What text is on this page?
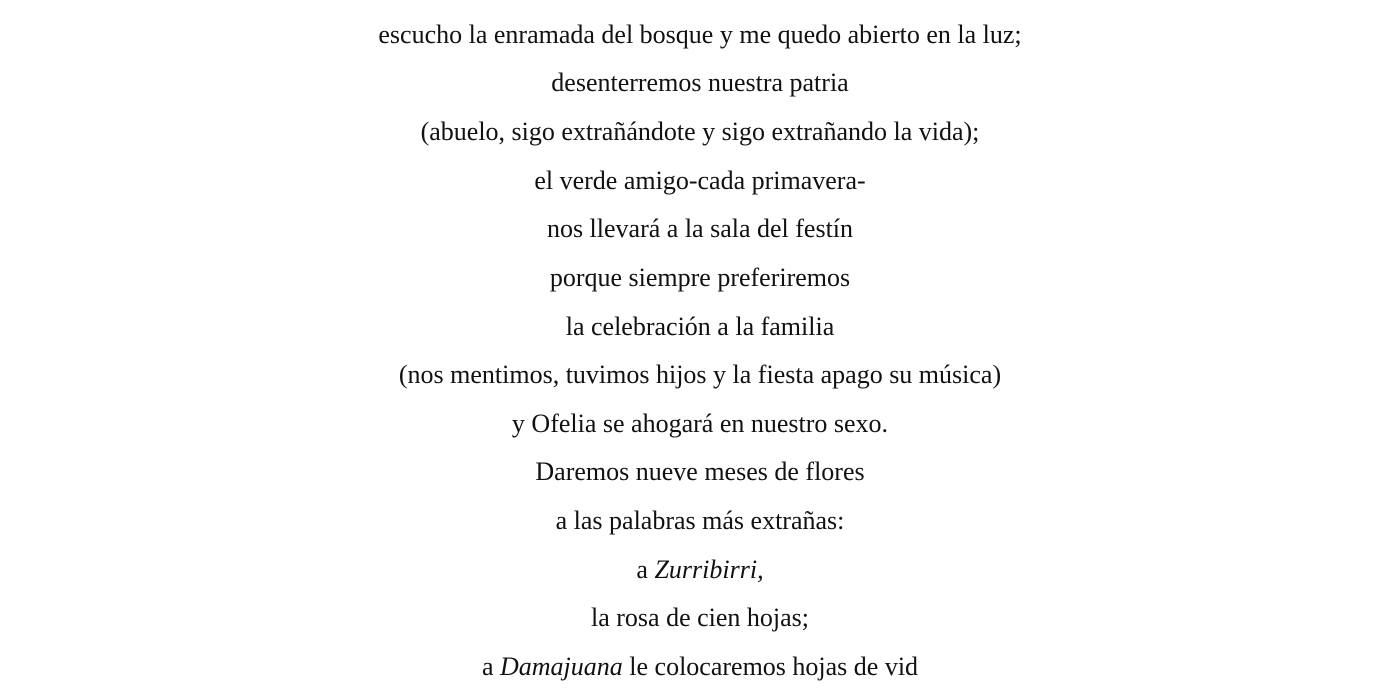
escucho la enramada del bosque y me quedo abierto en la luz;
desenterremos nuestra patria
(abuelo, sigo extrañándote y sigo extrañando la vida);
el verde amigo-cada primavera-
nos llevará a la sala del festín
porque siempre preferiremos
la celebración a la familia
(nos mentimos, tuvimos hijos y la fiesta apago su música)
y Ofelia se ahogará en nuestro sexo.
Daremos nueve meses de flores
a las palabras más extrañas:
a Zurribirri,
la rosa de cien hojas;
a Damajuana le colocaremos hojas de vid
